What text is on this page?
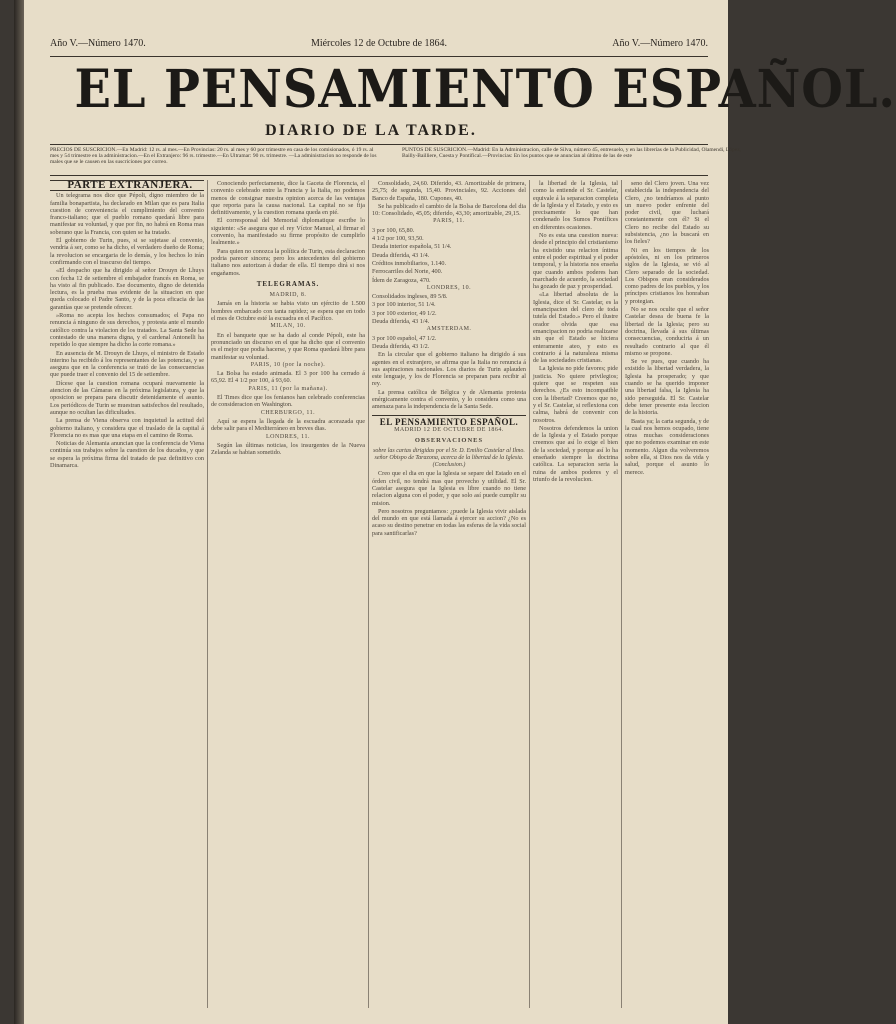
Año V.—Número 1470.	Miércoles 12 de Octubre de 1864.	Año V.—Número 1470.
EL PENSAMIENTO ESPAÑOL.
DIARIO DE LA TARDE.
PRECIOS DE SUSCRICION.—En Madrid: 12 rs. al mes.—En Provincias: 20 rs. al mes y 60 por trimestre en casa de los comisionados, ó 19 rs. al mes y 54 trimestre en la administracion.—En el Extranjero: 96 rs. trimestre.—En Ultramar: 90 rs. trimestre. —La administracion no responde de los males que se le causen en las suscriciones por correo.
PUNTOS DE SUSCRICION.—Madrid: En la Administracion, calle de Silva, número 45, entresuelo, y en las librerías de la Publicidad, Olamendi, López, Bailly-Bailliere, Cuesta y Pontifical.—Provincias: En los puntos que se anuncian al último de las de este

PARTE EXTRANJERA.

Un telegrama nos dice que Pépoli, digno miembro de la familia bonapartista, ha declarado en Milan que es para Italia cuestion de conveniencia el cumplimiento del convenio franco-italiano; que el pueblo romano quedará libre para manifestar su voluntad, y que por fin, no habrá en Roma mas soberano que la Francia, con quien se ha tratado.

El gobierno de Turin, pues, si se sujetase al convenio, vendria á ser, como se ha dicho, el verdadero dueño de Roma; la revolucion se encargaria de lo demás, y los hechos lo irán confirmando con el trascurso del tiempo.

«El despacho que ha dirigido al señor Drouyn de Lhuys con fecha 12 de setiembre el embajador francés en Roma, se ha visto al fin publicado. Ese documento, digno de detenida lectura, es la prueba mas evidente de la situacion en que queda colocado el Padre Santo, y de la poca eficacia de las garantías que se pretende ofrecer.

»Roma no acepta los hechos consumados; el Papa no renuncia á ninguno de sus derechos, y protesta ante el mundo católico contra la violacion de los tratados. La Santa Sede ha contestado de una manera digna, y el cardenal Antonelli ha repetido lo que siempre ha dicho la corte romana.»

En ausencia de M. Drouyn de Lhuys, el ministro de Estado interino ha recibido á los representantes de las potencias, y se asegura que en la conferencia se trató de las consecuencias que puede traer el convenio del 15 de setiembre.

Dícese que la cuestion romana ocupará nuevamente la atencion de las Cámaras en la próxima legislatura, y que la oposicion se prepara para discutir detenidamente el asunto. Los periódicos de Turin se muestran satisfechos del resultado, aunque no ocultan las dificultades.

La prensa de Viena observa con inquietud la actitud del gobierno italiano, y considera que el traslado de la capital á Florencia no es mas que una etapa en el camino de Roma.

Noticias de Alemania anuncian que la conferencia de Viena continúa sus trabajos sobre la cuestion de los ducados, y que se espera la próxima firma del tratado de paz definitivo con Dinamarca.

Conociendo perfectamente, dice la Gaceta de Florencia, el convenio celebrado entre la Francia y la Italia, no podemos menos de consignar nuestra opinion acerca de las ventajas que reporta para la causa nacional. La capital no se fija definitivamente, y la cuestion romana queda en pié.

El corresponsal del Memorial diplomatique escribe lo siguiente: «Se asegura que el rey Víctor Manuel, al firmar el convenio, ha manifestado su firme propósito de cumplirlo lealmente.»

Para quien no conozca la política de Turin, esta declaracion podria parecer sincera; pero los antecedentes del gobierno italiano nos autorizan á dudar de ella. El tiempo dirá si nos engañamos.

TELEGRAMAS.

MADRID, 8.

Jamás en la historia se habia visto un ejército de 1.500 hombres embarcado con tanta rapidez; se espera que en todo el mes de Octubre esté la escuadra en el Pacífico.

MILAN, 10.

En el banquete que se ha dado al conde Pépoli, este ha pronunciado un discurso en el que ha dicho que el convenio es el mejor que podia hacerse, y que Roma quedará libre para manifestar su voluntad.

PARIS, 10 (por la noche).

La Bolsa ha estado animada. El 3 por 100 ha cerrado á 65,92. El 4 1/2 por 100, á 93,60.

PARIS, 11 (por la mañana).

El Times dice que los fenianos han celebrado conferencias de consideracion en Washington.

CHERBURGO, 11.

Aquí se espera la llegada de la escuadra acorazada que debe salir para el Mediterráneo en breves dias.

LONDRES, 11.

Según las últimas noticias, los insurgentes de la Nueva Zelanda se habian sometido.

Consolidado, 24,60. Diferido, 43. Amortizable de primera, 25,75; de segunda, 15,40. Provinciales, 92. Acciones del Banco de España, 180. Cupones, 40.

Se ha publicado el cambio de la Bolsa de Barcelona del dia 10: Consolidado, 45,05; diferido, 43,30; amortizable, 29,15.

PARIS, 11.

3 por 100, 65,80.

4 1/2 por 100, 93,50.

Deuda interior española, 51 1/4.

Deuda diferida, 43 1/4.

Créditos inmobiliarios, 1.140.

Ferrocarriles del Norte, 400.

Ídem de Zaragoza, 470.

LONDRES, 10.

Consolidados ingleses, 89 5/8.

3 por 100 interior, 51 1/4.

3 por 100 exterior, 49 1/2.

Deuda diferida, 43 1/4.

AMSTERDAM.

3 por 100 español, 47 1/2.

Deuda diferida, 43 1/2.

En la circular que el gobierno italiano ha dirigido á sus agentes en el extranjero, se afirma que la Italia no renuncia á sus aspiraciones nacionales. Los diarios de Turin aplauden este lenguaje, y los de Florencia se preparan para recibir al rey.

La prensa católica de Bélgica y de Alemania protesta enérgicamente contra el convenio, y lo considera como una amenaza para la independencia de la Santa Sede.

EL PENSAMIENTO ESPAÑOL.

MADRID 12 DE OCTUBRE DE 1864.

OBSERVACIONES

sobre las cartas dirigidas por el Sr. D. Emilio Castelar al Ilmo. señor Obispo de Tarazona, acerca de la libertad de la Iglesia. (Conclusion.)

Creo que el dia en que la Iglesia se separe del Estado en el órden civil, no tendrá mas que provecho y utilidad. El Sr. Castelar asegura que la Iglesia es libre cuando no tiene relacion alguna con el poder, y que solo así puede cumplir su mision.

Pero nosotros preguntamos: ¿puede la Iglesia vivir aislada del mundo en que está llamada á ejercer su accion? ¿No es acaso su destino penetrar en todas las esferas de la vida social para santificarlas?

la libertad de la Iglesia, tal como la entiende el Sr. Castelar, equivale á la separacion completa de la Iglesia y el Estado, y esto es precisamente lo que han condenado los Sumos Pontífices en diferentes ocasiones.

No es esta una cuestion nueva: desde el principio del cristianismo ha existido una relacion íntima entre el poder espiritual y el poder temporal, y la historia nos enseña que cuando ambos poderes han marchado de acuerdo, la sociedad ha gozado de paz y prosperidad.

«La libertad absoluta de la Iglesia, dice el Sr. Castelar, es la emancipacion del clero de toda tutela del Estado.» Pero el ilustre orador olvida que esa emancipacion no podria realizarse sin que el Estado se hiciera enteramente ateo, y esto es contrario á la naturaleza misma de las sociedades cristianas.

La Iglesia no pide favores; pide justicia. No quiere privilegios; quiere que se respeten sus derechos. ¿Es esto incompatible con la libertad? Creemos que no, y el Sr. Castelar, si reflexiona con calma, habrá de convenir con nosotros.

Nosotros defendemos la union de la Iglesia y el Estado porque creemos que así lo exige el bien de la sociedad, y porque así lo ha enseñado siempre la doctrina católica. La separacion seria la ruina de ambos poderes y el triunfo de la revolucion.

seno del Clero joven. Una vez establecida la independencia del Clero, ¿no tendríamos al punto un nuevo poder enfrente del poder civil, que luchará constantemente con él? Si el Clero no recibe del Estado su subsistencia, ¿no la buscará en los fieles?

Ni en los tiempos de los apóstoles, ni en los primeros siglos de la Iglesia, se vió al Clero separado de la sociedad. Los Obispos eran considerados como padres de los pueblos, y los príncipes cristianos los honraban y protegian.

No se nos oculte que el señor Castelar desea de buena fe la libertad de la Iglesia; pero su doctrina, llevada á sus últimas consecuencias, conduciria á un resultado contrario al que él mismo se propone.

Se ve pues, que cuando ha existido la libertad verdadera, la Iglesia ha prosperado; y que cuando se ha querido imponer una libertad falsa, la Iglesia ha sido perseguida. El Sr. Castelar debe tener presente esta leccion de la historia.

Basta ya; la carta segunda, y de la cual nos hemos ocupado, tiene otras muchas consideraciones que no podemos examinar en este momento. Algun dia volveremos sobre ella, si Dios nos da vida y salud, porque el asunto lo merece.
